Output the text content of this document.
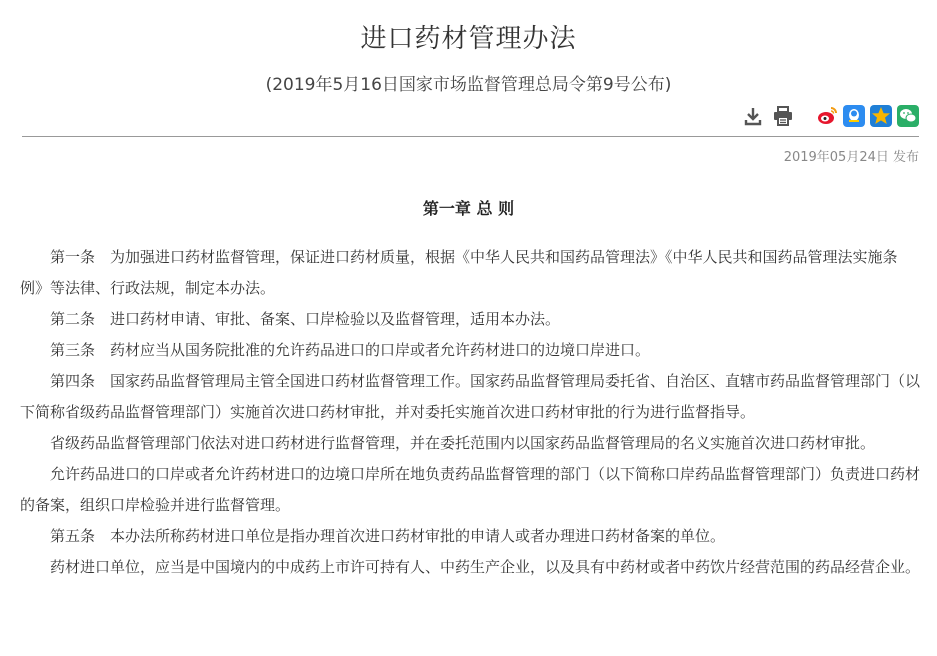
进口药材管理办法
(2019年5月16日国家市场监督管理总局令第9号公布)
2019年05月24日 发布
第一章 总 则

第一条　为加强进口药材监督管理，保证进口药材质量，根据《中华人民共和国药品管理法》《中华人民共和国药品管理法实施条例》等法律、行政法规，制定本办法。

第二条　进口药材申请、审批、备案、口岸检验以及监督管理，适用本办法。

第三条　药材应当从国务院批准的允许药品进口的口岸或者允许药材进口的边境口岸进口。

第四条　国家药品监督管理局主管全国进口药材监督管理工作。国家药品监督管理局委托省、自治区、直辖市药品监督管理部门（以下简称省级药品监督管理部门）实施首次进口药材审批，并对委托实施首次进口药材审批的行为进行监督指导。

省级药品监督管理部门依法对进口药材进行监督管理，并在委托范围内以国家药品监督管理局的名义实施首次进口药材审批。

允许药品进口的口岸或者允许药材进口的边境口岸所在地负责药品监督管理的部门（以下简称口岸药品监督管理部门）负责进口药材的备案，组织口岸检验并进行监督管理。

第五条　本办法所称药材进口单位是指办理首次进口药材审批的申请人或者办理进口药材备案的单位。

药材进口单位，应当是中国境内的中成药上市许可持有人、中药生产企业，以及具有中药材或者中药饮片经营范围的药品经营企业。
